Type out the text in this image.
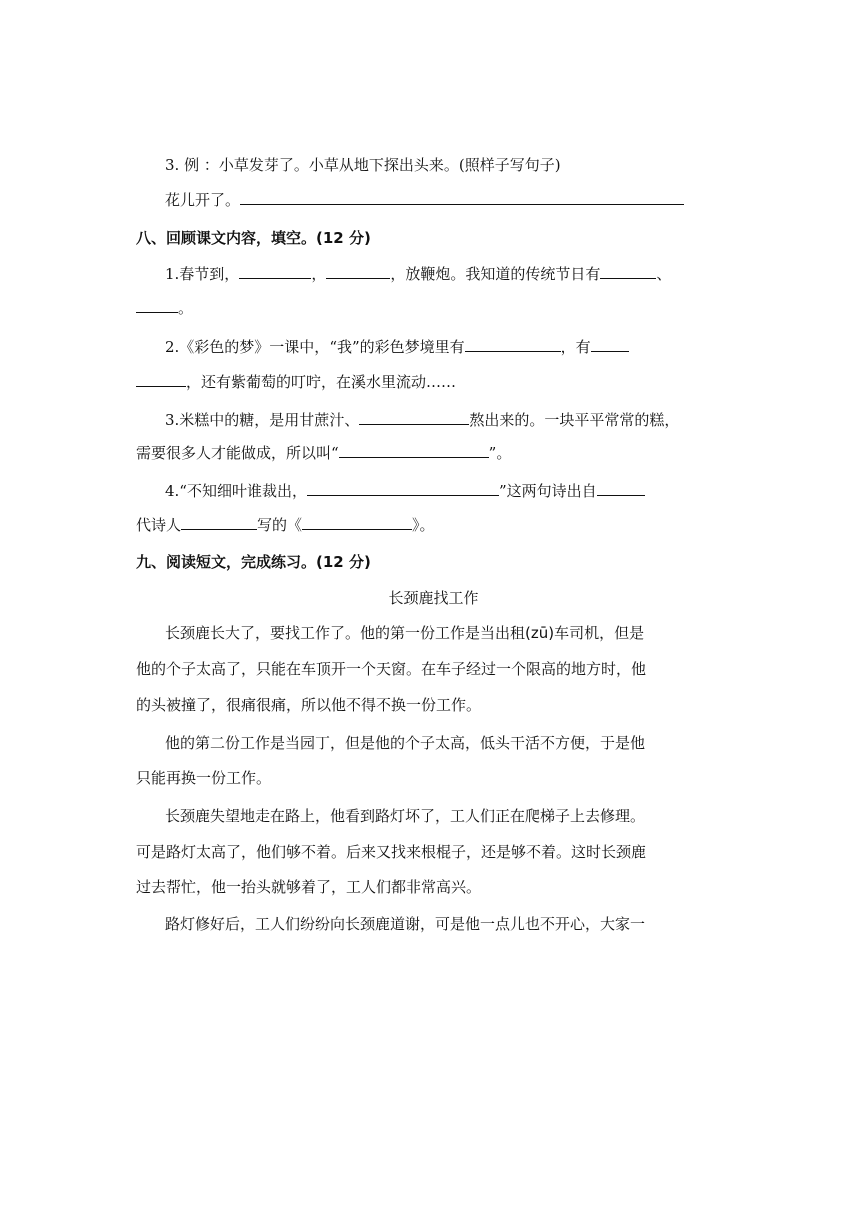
3. 例 ：小草发芽了。小草从地下探出头来。(照样子写句子)
花儿开了。
八、回顾课文内容，填空。(12 分)
1.春节到，	，	，放鞭炮。我知道的传统节日有	、
。
2.《彩色的梦》一课中，“我”的彩色梦境里有	，有
，还有紫葡萄的叮咛，在溪水里流动……
3.米糕中的糖，是用甘蔗汁、	熬出来的。一块平平常常的糕，
需要很多人才能做成，所以叫“	”。
4.“不知细叶谁裁出，	”这两句诗出自
代诗人	写的《	》。
九、阅读短文，完成练习。(12 分)
长颈鹿找工作
长颈鹿长大了，要找工作了。他的第一份工作是当出租(zū)车司机，但是
他的个子太高了，只能在车顶开一个天窗。在车子经过一个限高的地方时，他
的头被撞了，很痛很痛，所以他不得不换一份工作。
他的第二份工作是当园丁，但是他的个子太高，低头干活不方便，于是他
只能再换一份工作。
长颈鹿失望地走在路上，他看到路灯坏了，工人们正在爬梯子上去修理。
可是路灯太高了，他们够不着。后来又找来根棍子，还是够不着。这时长颈鹿
过去帮忙，他一抬头就够着了，工人们都非常高兴。
路灯修好后，工人们纷纷向长颈鹿道谢，可是他一点儿也不开心，大家一
